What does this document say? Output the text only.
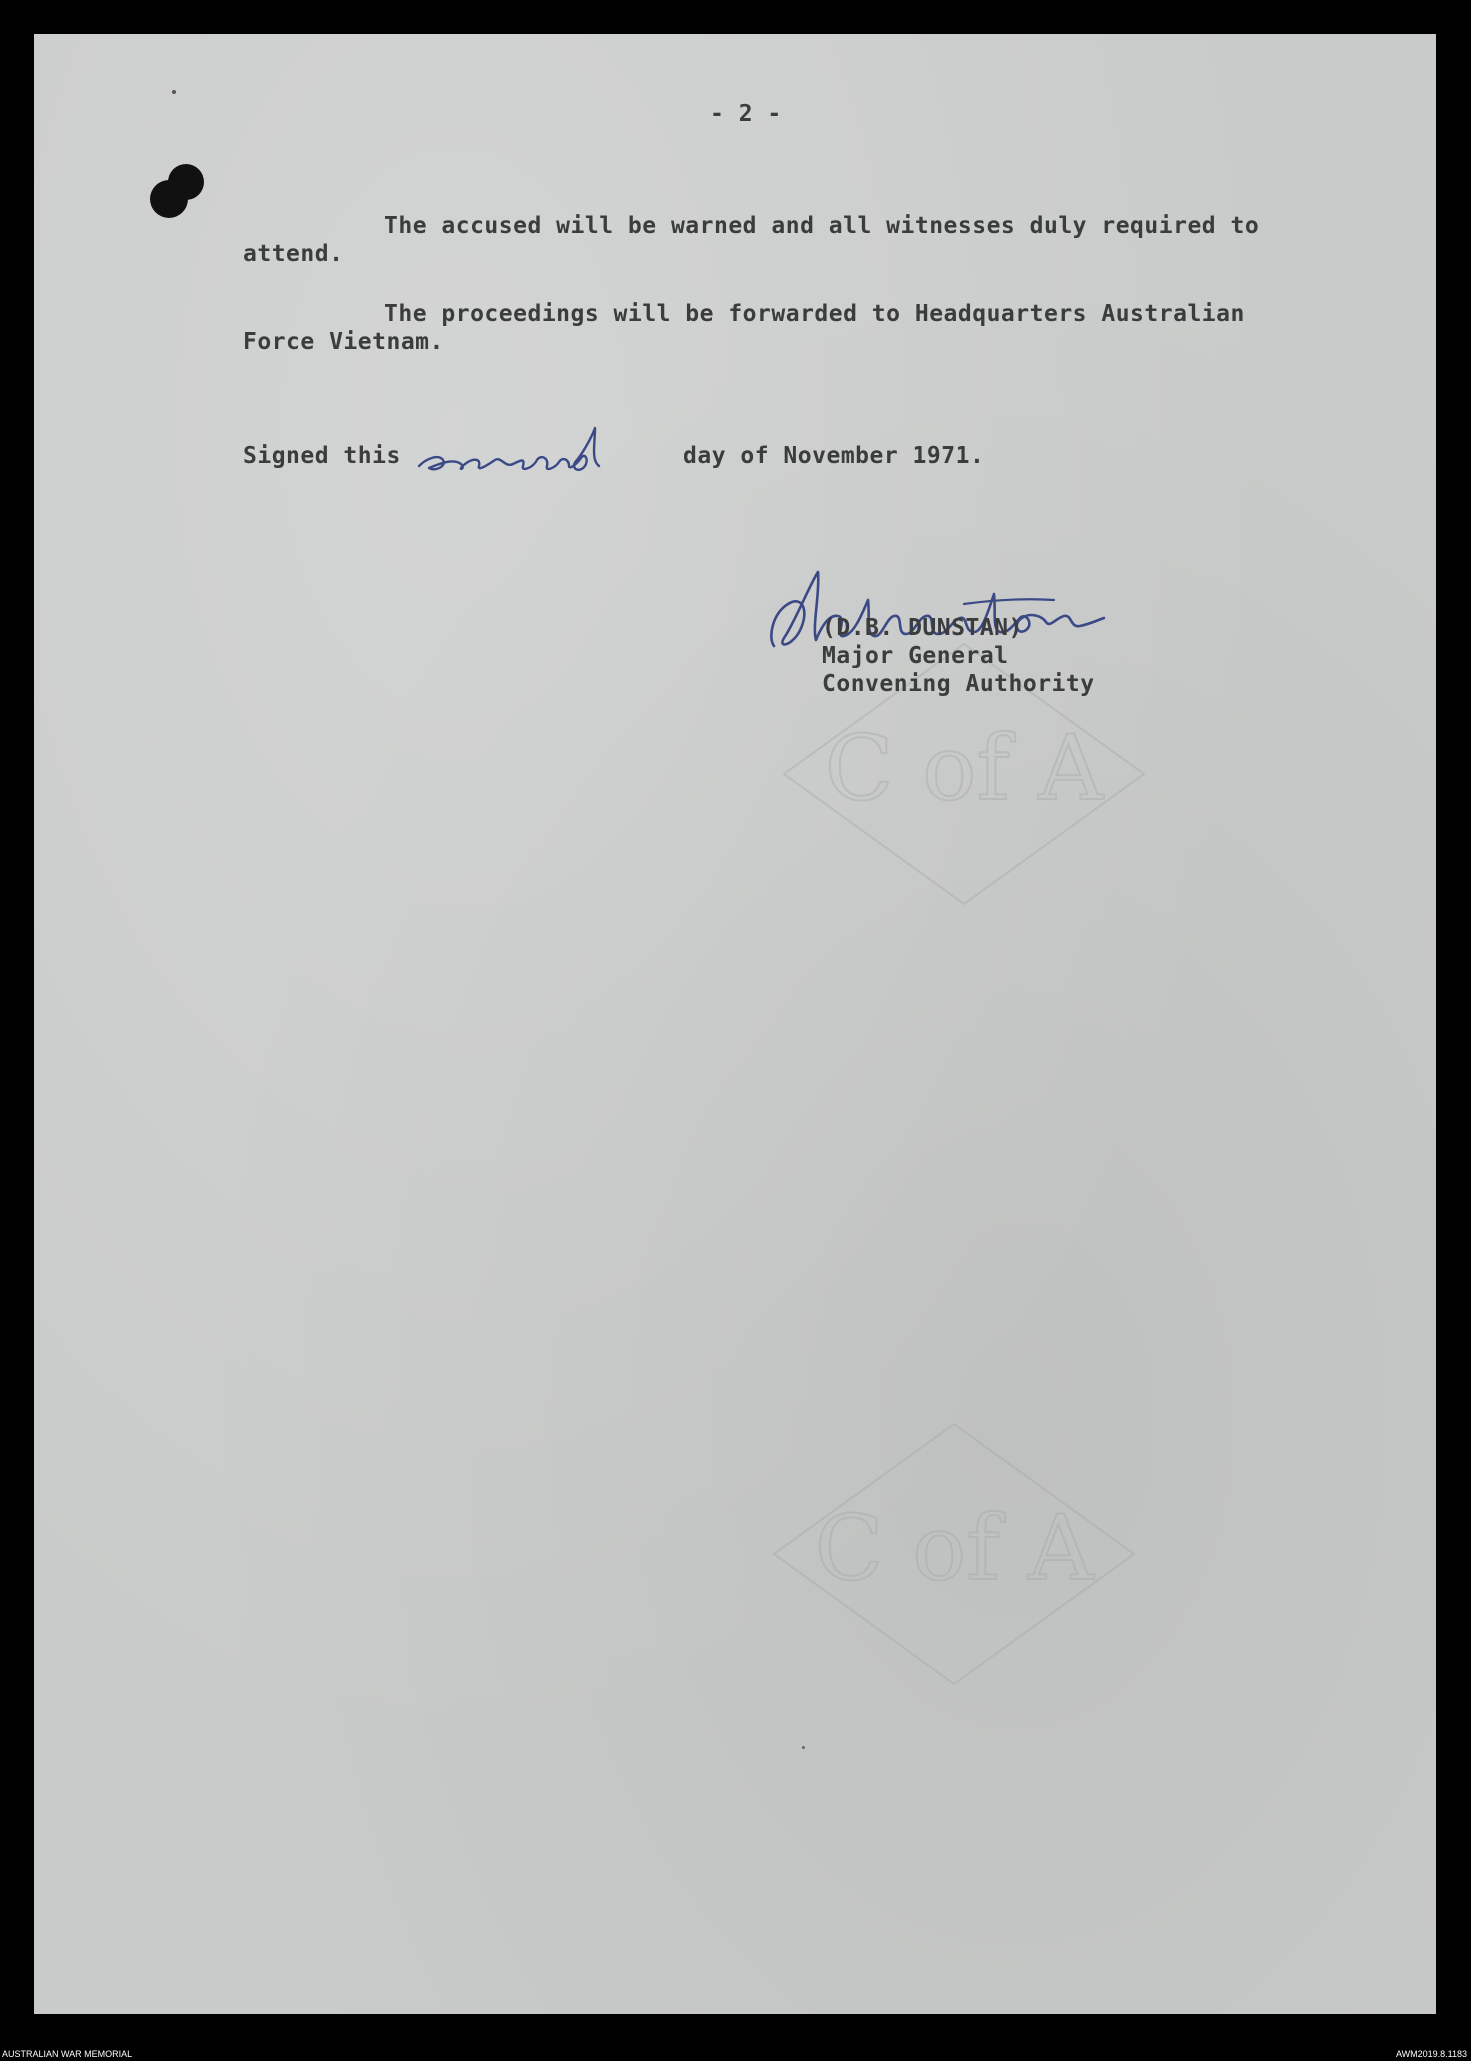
C of A
C of A
- 2 -
The accused will be warned and all witnesses duly required to
attend.
The proceedings will be forwarded to Headquarters Australian
Force Vietnam.
Signed this	day of November 1971.
(D.B. DUNSTAN)
Major General
Convening Authority
AUSTRALIAN WAR MEMORIAL	AWM2019.8.1183
